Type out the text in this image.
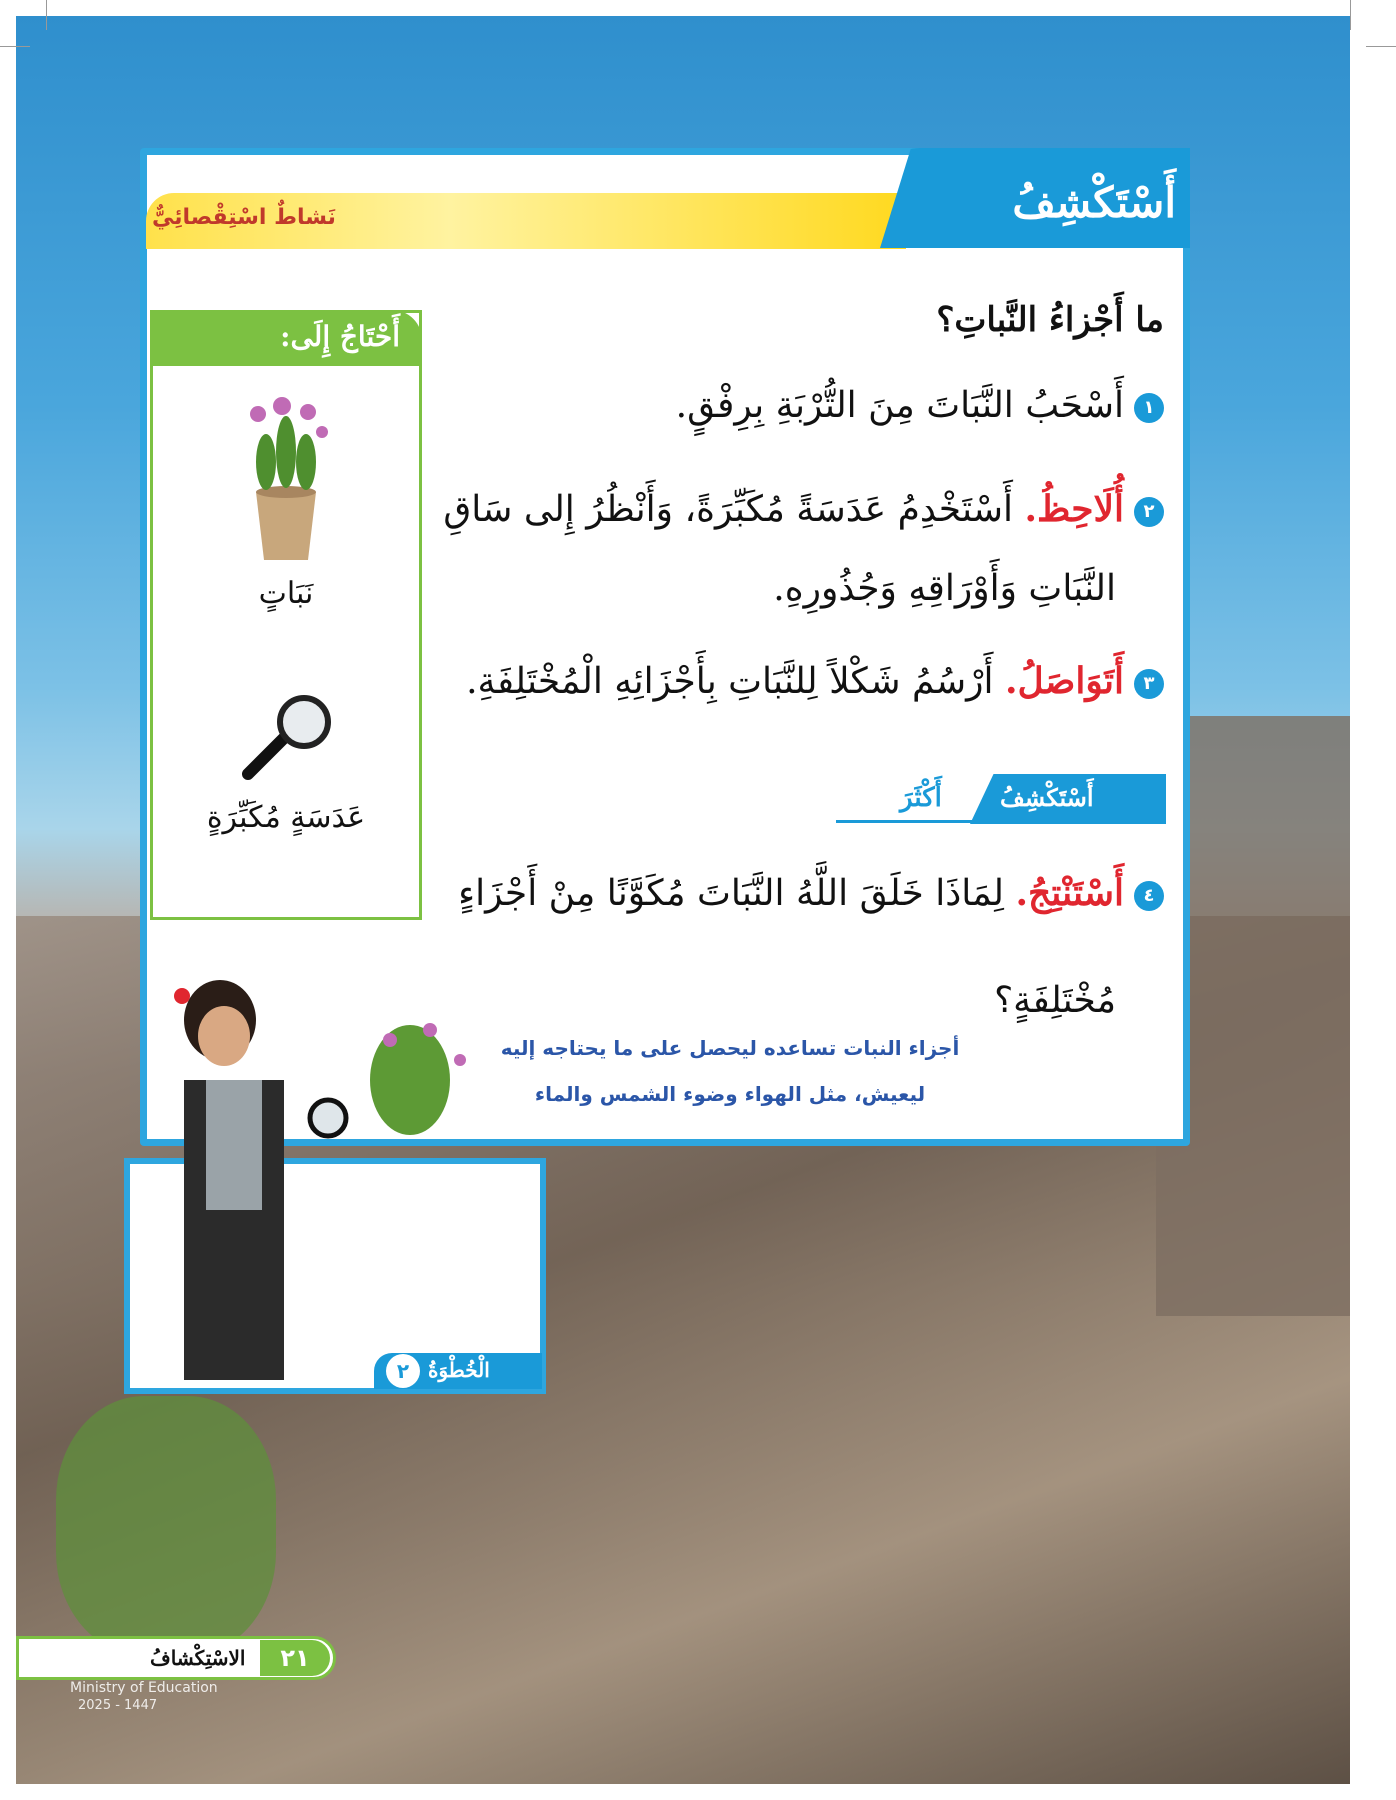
أَسْتَكْشِفُ
نَشاطٌ اسْتِقْصائِيٌّ
ما أَجْزاءُ النَّباتِ؟
١أَسْحَبُ النَّبَاتَ مِنَ التُّرْبَةِ بِرِفْقٍ.
٢أُلَاحِظُ. أَسْتَخْدِمُ عَدَسَةً مُكَبِّرَةً، وَأَنْظُرُ إِلى سَاقِ
النَّبَاتِ وَأَوْرَاقِهِ وَجُذُورِهِ.
٣أَتَوَاصَلُ. أَرْسُمُ شَكْلاً لِلنَّبَاتِ بِأَجْزَائِهِ الْمُخْتَلِفَةِ.
أَسْتَكْشِفُ
أَكْثَرَ
٤أَسْتَنْتِجُ. لِمَاذَا خَلَقَ اللَّهُ النَّبَاتَ مُكَوَّنًا مِنْ أَجْزَاءٍ
مُخْتَلِفَةٍ؟
أجزاء النبات تساعده ليحصل على ما يحتاجه إليه
ليعيش، مثل الهواء وضوء الشمس والماء
أَحْتَاجُ إِلَى:
نَبَاتٍ
عَدَسَةٍ مُكَبِّرَةٍ
٢ الْخُطْوَةُ
٢١
الاسْتِكْشافُ
Ministry of Education
2025 - 1447
